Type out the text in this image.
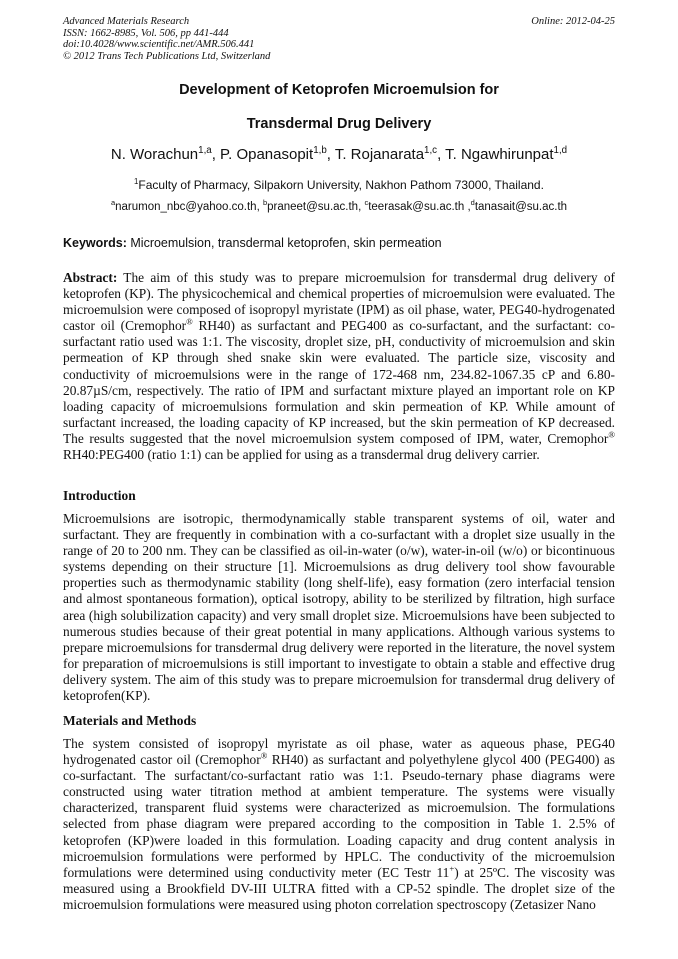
Advanced Materials Research
ISSN: 1662-8985, Vol. 506, pp 441-444
doi:10.4028/www.scientific.net/AMR.506.441
© 2012 Trans Tech Publications Ltd, Switzerland
Online: 2012-04-25
Development of Ketoprofen Microemulsion for
Transdermal Drug Delivery
N. Worachun$^{1,a}$, P. Opanasopit$^{1,b}$, T. Rojanarata$^{1,c}$, T. Ngawhirunpat$^{1,d}$
$^1$Faculty of Pharmacy, Silpakorn University, Nakhon Pathom 73000, Thailand.
$^a$narumon_nbc@yahoo.co.th, $^b$praneet@su.ac.th, $^c$teerasak@su.ac.th ,$^d$tanasait@su.ac.th
Keywords: Microemulsion, transdermal ketoprofen, skin permeation
Abstract: The aim of this study was to prepare microemulsion for transdermal drug delivery of ketoprofen (KP). The physicochemical and chemical properties of microemulsion were evaluated. The microemulsion were composed of isopropyl myristate (IPM) as oil phase, water, PEG40-hydrogenated castor oil (Cremophor® RH40) as surfactant and PEG400 as co-surfactant, and the surfactant: co-surfactant ratio used was 1:1. The viscosity, droplet size, pH, conductivity of microemulsion and skin permeation of KP through shed snake skin were evaluated. The particle size, viscosity and conductivity of microemulsions were in the range of 172-468 nm, 234.82-1067.35 cP and 6.80-20.87µS/cm, respectively. The ratio of IPM and surfactant mixture played an important role on KP loading capacity of microemulsions formulation and skin permeation of KP. While amount of surfactant increased, the loading capacity of KP increased, but the skin permeation of KP decreased. The results suggested that the novel microemulsion system composed of IPM, water, Cremophor® RH40:PEG400 (ratio 1:1) can be applied for using as a transdermal drug delivery carrier.
Introduction
Microemulsions are isotropic, thermodynamically stable transparent systems of oil, water and surfactant. They are frequently in combination with a co-surfactant with a droplet size usually in the range of 20 to 200 nm. They can be classified as oil-in-water (o/w), water-in-oil (w/o) or bicontinuous systems depending on their structure [1]. Microemulsions as drug delivery tool show favourable properties such as thermodynamic stability (long shelf-life), easy formation (zero interfacial tension and almost spontaneous formation), optical isotropy, ability to be sterilized by filtration, high surface area (high solubilization capacity) and very small droplet size. Microemulsions have been subjected to numerous studies because of their great potential in many applications. Although various systems to prepare microemulsions for transdermal drug delivery were reported in the literature, the novel system for preparation of microemulsions is still important to investigate to obtain a stable and effective drug delivery system. The aim of this study was to prepare microemulsion for transdermal drug delivery of ketoprofen(KP).
Materials and Methods
The system consisted of isopropyl myristate as oil phase, water as aqueous phase, PEG40 hydrogenated castor oil (Cremophor® RH40) as surfactant and polyethylene glycol 400 (PEG400) as co-surfactant. The surfactant/co-surfactant ratio was 1:1. Pseudo-ternary phase diagrams were constructed using water titration method at ambient temperature. The systems were visually characterized, transparent fluid systems were characterized as microemulsion. The formulations selected from phase diagram were prepared according to the composition in Table 1. 2.5% of ketoprofen (KP)were loaded in this formulation. Loading capacity and drug content analysis in microemulsion formulations were performed by HPLC. The conductivity of the microemulsion formulations were determined using conductivity meter (EC Testr 11+) at 25ºC. The viscosity was measured using a Brookfield DV-III ULTRA fitted with a CP-52 spindle. The droplet size of the microemulsion formulations were measured using photon correlation spectroscopy (Zetasizer Nano
